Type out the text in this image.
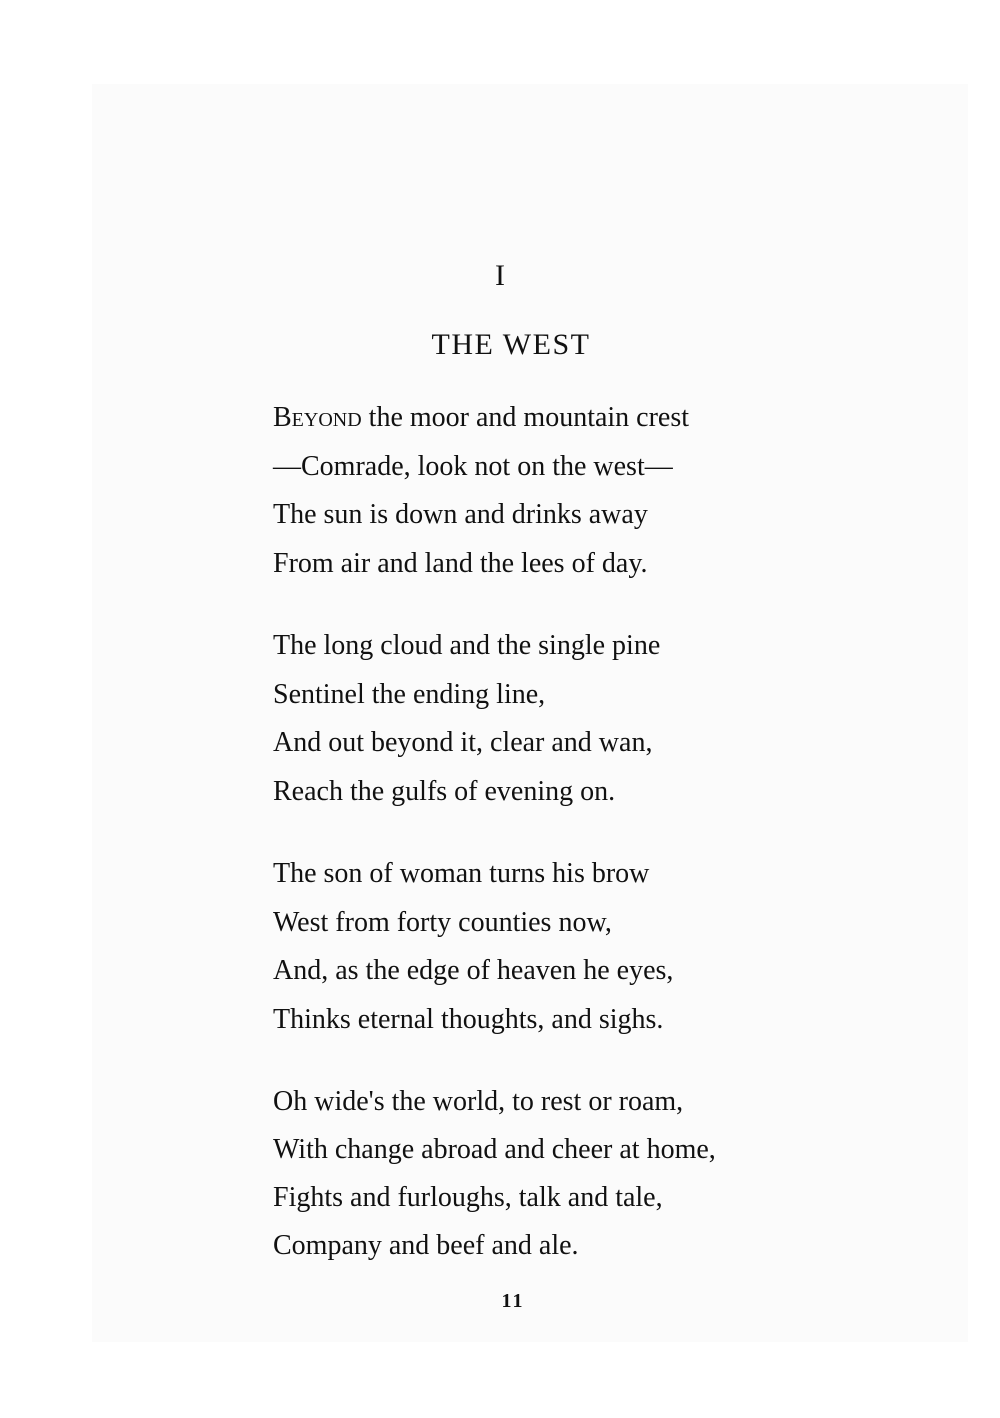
I
THE WEST
Beyond the moor and mountain crest
—Comrade, look not on the west—
The sun is down and drinks away
From air and land the lees of day.
The long cloud and the single pine
Sentinel the ending line,
And out beyond it, clear and wan,
Reach the gulfs of evening on.
The son of woman turns his brow
West from forty counties now,
And, as the edge of heaven he eyes,
Thinks eternal thoughts, and sighs.
Oh wide's the world, to rest or roam,
With change abroad and cheer at home,
Fights and furloughs, talk and tale,
Company and beef and ale.
11
